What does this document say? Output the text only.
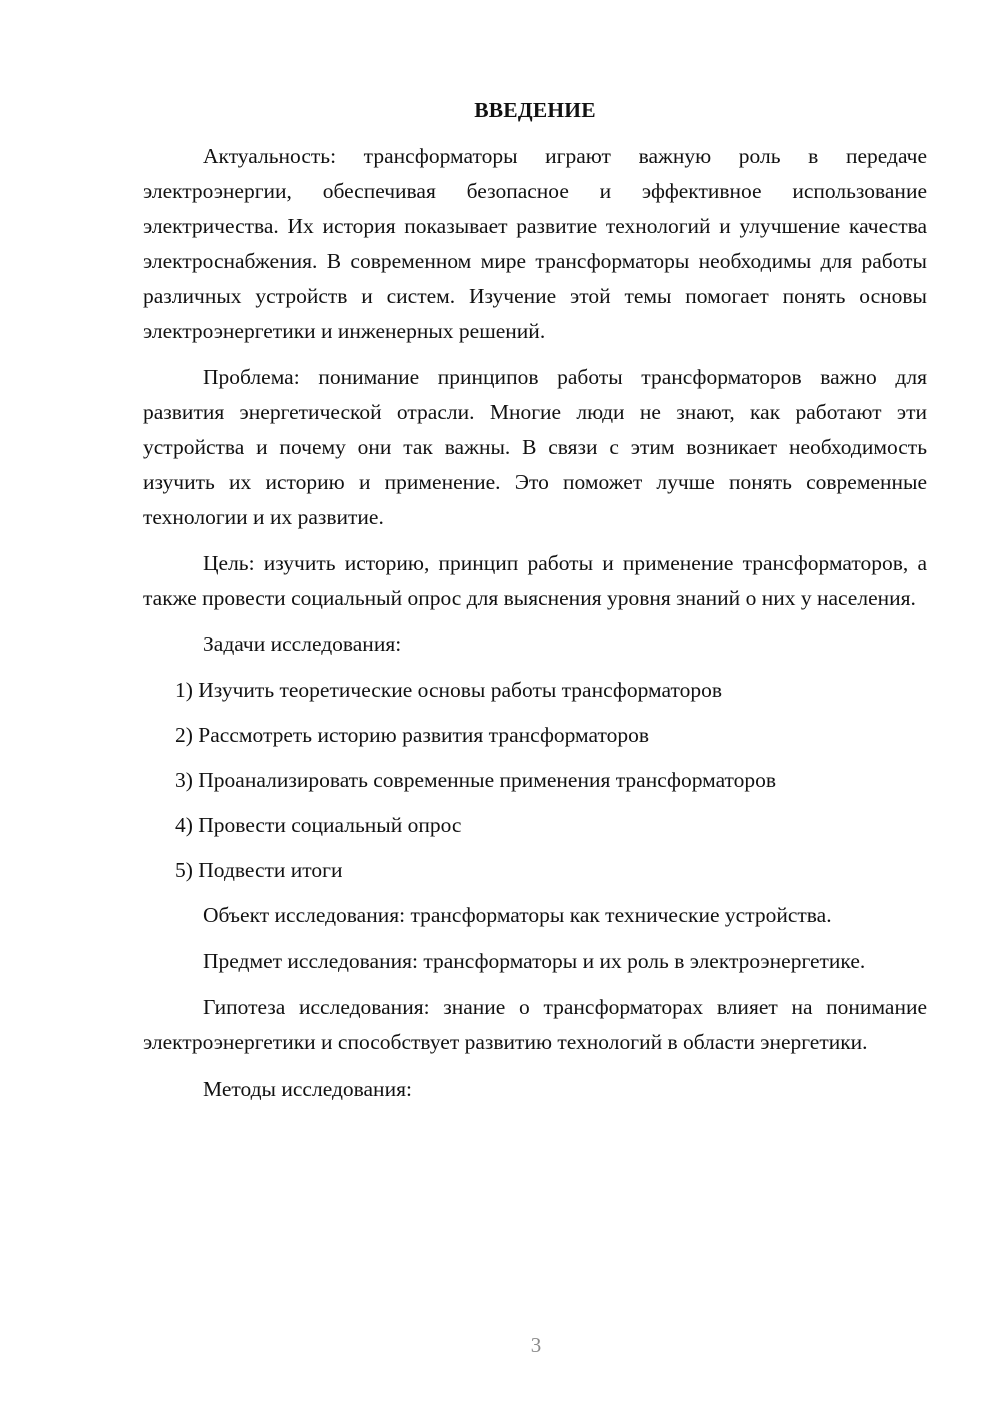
ВВЕДЕНИЕ

Актуальность: трансформаторы играют важную роль в передаче электроэнергии, обеспечивая безопасное и эффективное использование электричества. Их история показывает развитие технологий и улучшение качества электроснабжения. В современном мире трансформаторы необходимы для работы различных устройств и систем. Изучение этой темы помогает понять основы электроэнергетики и инженерных решений.

Проблема: понимание принципов работы трансформаторов важно для развития энергетической отрасли. Многие люди не знают, как работают эти устройства и почему они так важны. В связи с этим возникает необходимость изучить их историю и применение. Это поможет лучше понять современные технологии и их развитие.

Цель: изучить историю, принцип работы и применение трансформаторов, а также провести социальный опрос для выяснения уровня знаний о них у населения.

Задачи исследования:

1) Изучить теоретические основы работы трансформаторов
2) Рассмотреть историю развития трансформаторов
3) Проанализировать современные применения трансформаторов
4) Провести социальный опрос
5) Подвести итоги

Объект исследования: трансформаторы как технические устройства.

Предмет исследования: трансформаторы и их роль в электроэнергетике.

Гипотеза исследования: знание о трансформаторах влияет на понимание электроэнергетики и способствует развитию технологий в области энергетики.

Методы исследования:

3
